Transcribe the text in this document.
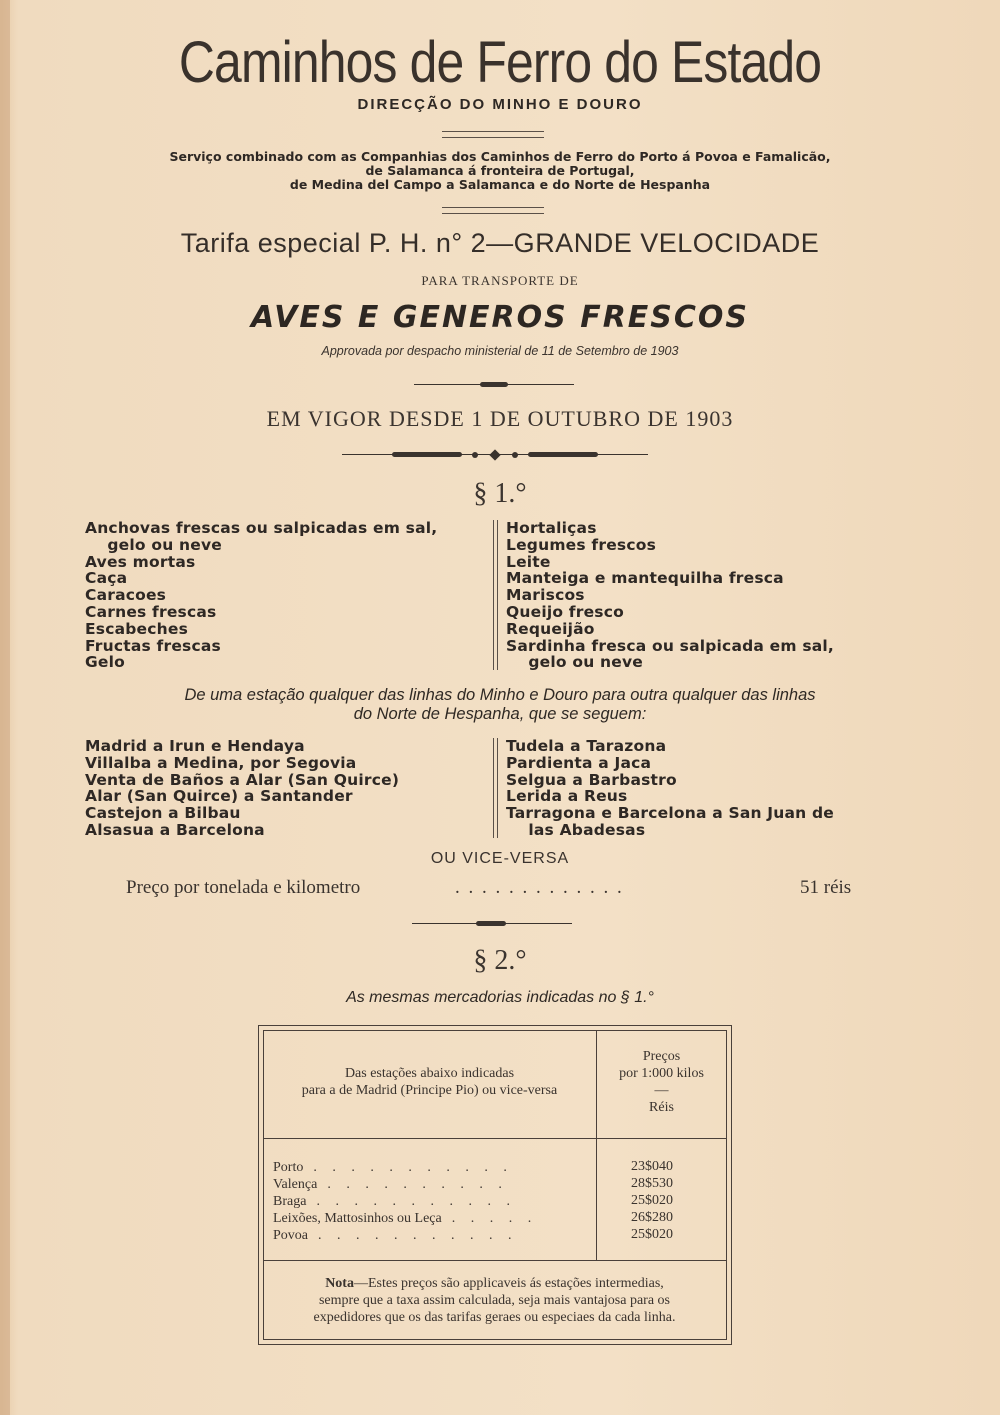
Caminhos de Ferro do Estado
DIRECÇÃO DO MINHO E DOURO
Serviço combinado com as Companhias dos Caminhos de Ferro do Porto á Povoa e Famalicão,
de Salamanca á fronteira de Portugal,
de Medina del Campo a Salamanca e do Norte de Hespanha
Tarifa especial P. H. n° 2—GRANDE VELOCIDADE
PARA TRANSPORTE DE
AVES E GENEROS FRESCOS
Approvada por despacho ministerial de 11 de Setembro de 1903
EM VIGOR DESDE 1 DE OUTUBRO DE 1903
§ 1.°
Anchovas frescas ou salpicadas em sal,
gelo ou neve
Aves mortas
Caça
Caracoes
Carnes frescas
Escabeches
Fructas frescas
Gelo
Hortaliças
Legumes frescos
Leite
Manteiga e mantequilha fresca
Mariscos
Queijo fresco
Requeijão
Sardinha fresca ou salpicada em sal,
gelo ou neve
De uma estação qualquer das linhas do Minho e Douro para outra qualquer das linhas
do Norte de Hespanha, que se seguem:
Madrid a Irun e Hendaya
Villalba a Medina, por Segovia
Venta de Baños a Alar (San Quirce)
Alar (San Quirce) a Santander
Castejon a Bilbau
Alsasua a Barcelona
Tudela a Tarazona
Pardienta a Jaca
Selgua a Barbastro
Lerida a Reus
Tarragona e Barcelona a San Juan de
las Abadesas
OU VICE-VERSA
Preço por tonelada e kilometro	. . . . . . . . . . . . .	51 réis
§ 2.°
As mesmas mercadorias indicadas no § 1.°
Das estações abaixo indicadas
para a de Madrid (Principe Pio) ou vice-versa
Preços
por 1:000 kilos
—
Réis
Porto . . . . . . . . . . .	23$040
Valença . . . . . . . . . .	28$530
Braga . . . . . . . . . . .	25$020
Leixões, Mattosinhos ou Leça . . . . .	26$280
Povoa . . . . . . . . . . .	25$020
Nota—Estes preços são applicaveis ás estações intermedias,
sempre que a taxa assim calculada, seja mais vantajosa para os
expedidores que os das tarifas geraes ou especiaes da cada linha.
